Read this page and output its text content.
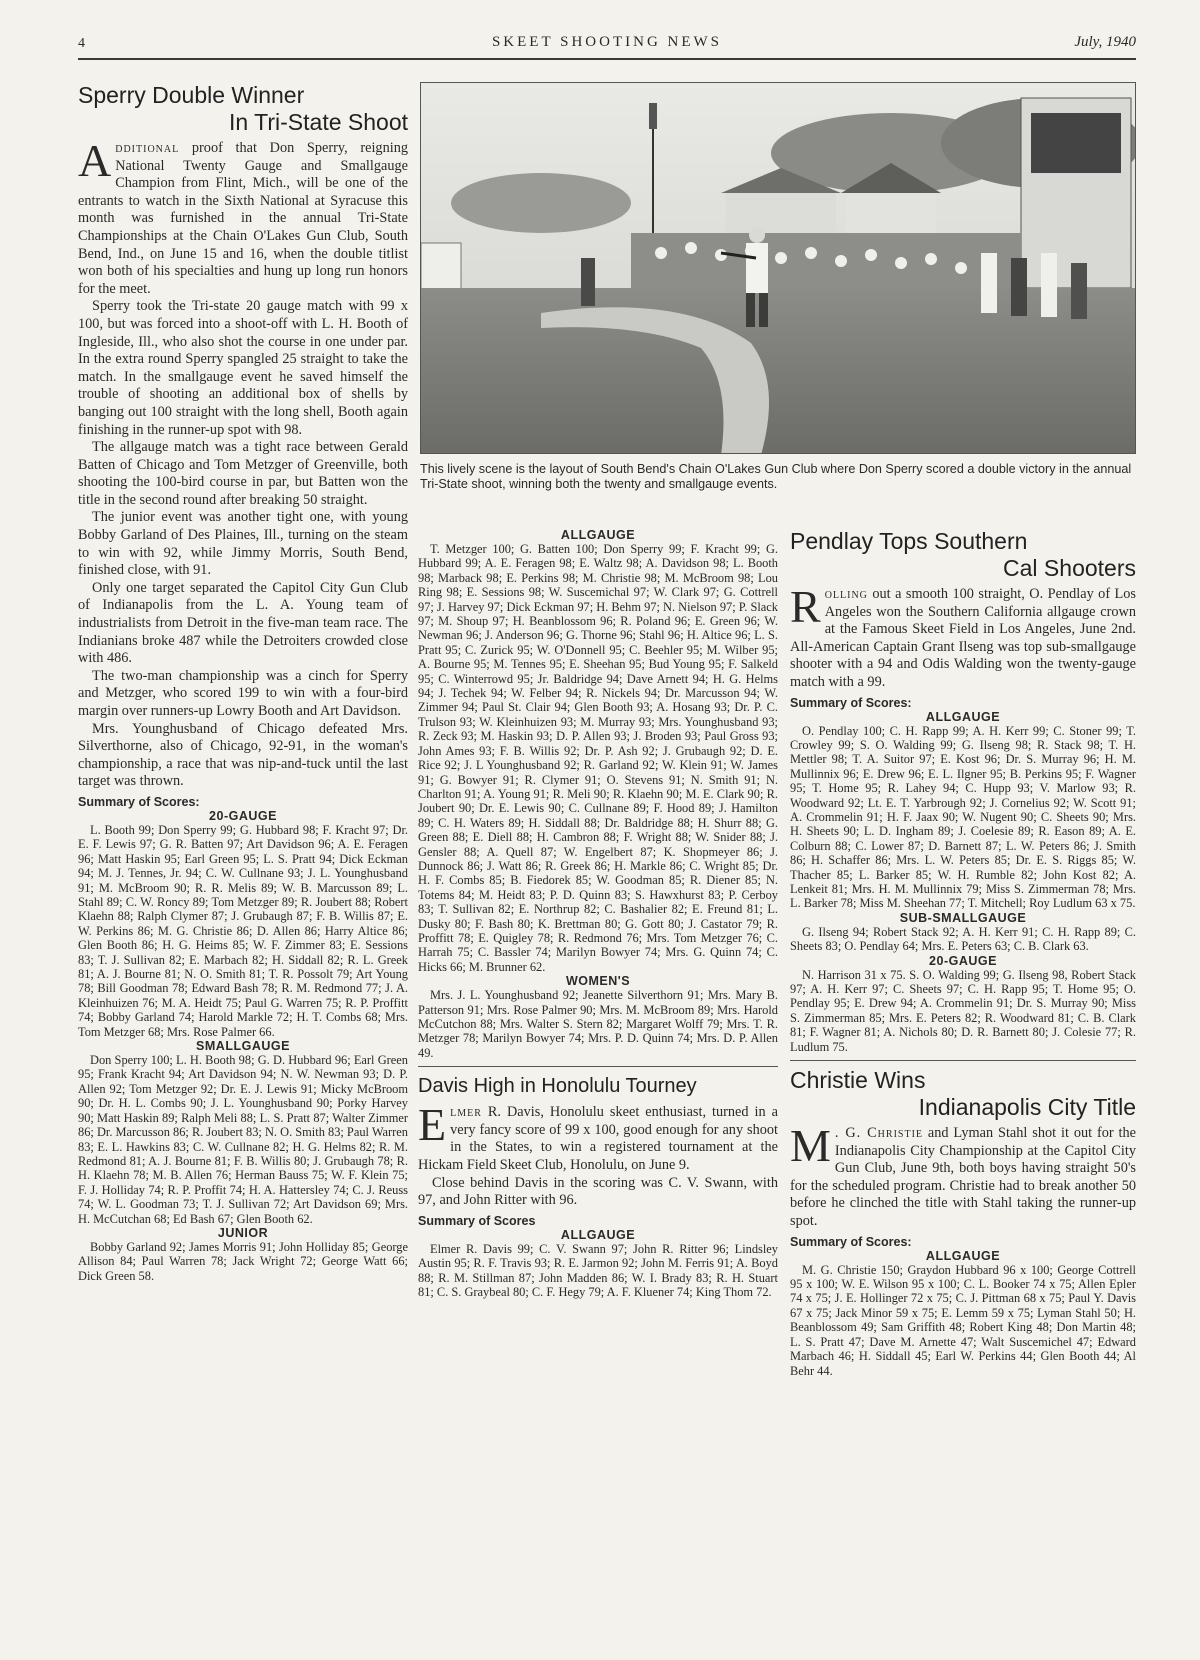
4	SKEET SHOOTING NEWS	July, 1940
Sperry Double Winner
In Tri-State Shoot

Additional proof that Don Sperry, reigning National Twenty Gauge and Smallgauge Champion from Flint, Mich., will be one of the entrants to watch in the Sixth National at Syracuse this month was furnished in the annual Tri-State Championships at the Chain O'Lakes Gun Club, South Bend, Ind., on June 15 and 16, when the double titlist won both of his specialties and hung up long run honors for the meet.

Sperry took the Tri-state 20 gauge match with 99 x 100, but was forced into a shoot-off with L. H. Booth of Ingleside, Ill., who also shot the course in one under par. In the extra round Sperry spangled 25 straight to take the match. In the smallgauge event he saved himself the trouble of shooting an additional box of shells by banging out 100 straight with the long shell, Booth again finishing in the runner-up spot with 98.

The allgauge match was a tight race between Gerald Batten of Chicago and Tom Metzger of Greenville, both shooting the 100-bird course in par, but Batten won the title in the second round after breaking 50 straight.

The junior event was another tight one, with young Bobby Garland of Des Plaines, Ill., turning on the steam to win with 92, while Jimmy Morris, South Bend, finished close, with 91.

Only one target separated the Capitol City Gun Club of Indianapolis from the L. A. Young team of industrialists from Detroit in the five-man team race. The Indianians broke 487 while the Detroiters crowded close with 486.

The two-man championship was a cinch for Sperry and Metzger, who scored 199 to win with a four-bird margin over runners-up Lowry Booth and Art Davidson.

Mrs. Younghusband of Chicago defeated Mrs. Silverthorne, also of Chicago, 92-91, in the woman's championship, a race that was nip-and-tuck until the last target was thrown.

Summary of Scores:
20-GAUGE
L. Booth 99; Don Sperry 99; G. Hubbard 98; F. Kracht 97; Dr. E. F. Lewis 97; G. R. Batten 97; Art Davidson 96; A. E. Feragen 96; Matt Haskin 95; Earl Green 95; L. S. Pratt 94; Dick Eckman 94; M. J. Tennes, Jr. 94; C. W. Cullnane 93; J. L. Younghusband 91; M. McBroom 90; R. R. Melis 89; W. B. Marcusson 89; L. Stahl 89; C. W. Roncy 89; Tom Metzger 89; R. Joubert 88; Robert Klaehn 88; Ralph Clymer 87; J. Grubaugh 87; F. B. Willis 87; E. W. Perkins 86; M. G. Christie 86; D. Allen 86; Harry Altice 86; Glen Booth 86; H. G. Heims 85; W. F. Zimmer 83; E. Sessions 83; T. J. Sullivan 82; E. Marbach 82; H. Siddall 82; R. L. Greek 81; A. J. Bourne 81; N. O. Smith 81; T. R. Possolt 79; Art Young 78; Bill Goodman 78; Edward Bash 78; R. M. Redmond 77; J. A. Kleinhuizen 76; M. A. Heidt 75; Paul G. Warren 75; R. P. Proffitt 74; Bobby Garland 74; Harold Markle 72; H. T. Combs 68; Mrs. Tom Metzger 68; Mrs. Rose Palmer 66.
SMALLGAUGE
Don Sperry 100; L. H. Booth 98; G. D. Hubbard 96; Earl Green 95; Frank Kracht 94; Art Davidson 94; N. W. Newman 93; D. P. Allen 92; Tom Metzger 92; Dr. E. J. Lewis 91; Micky McBroom 90; Dr. H. L. Combs 90; J. L. Younghusband 90; Porky Harvey 90; Matt Haskin 89; Ralph Meli 88; L. S. Pratt 87; Walter Zimmer 86; Dr. Marcusson 86; R. Joubert 83; N. O. Smith 83; Paul Warren 83; E. L. Hawkins 83; C. W. Cullnane 82; H. G. Helms 82; R. M. Redmond 81; A. J. Bourne 81; F. B. Willis 80; J. Grubaugh 78; R. H. Klaehn 78; M. B. Allen 76; Herman Bauss 75; W. F. Klein 75; F. J. Holliday 74; R. P. Proffit 74; H. A. Hattersley 74; C. J. Reuss 74; W. L. Goodman 73; T. J. Sullivan 72; Art Davidson 69; Mrs. H. McCutchan 68; Ed Bash 67; Glen Booth 62.
JUNIOR
Bobby Garland 92; James Morris 91; John Holliday 85; George Allison 84; Paul Warren 78; Jack Wright 72; George Watt 66; Dick Green 58.
This lively scene is the layout of South Bend's Chain O'Lakes Gun Club where Don Sperry scored a double victory in the annual Tri-State shoot, winning both the twenty and smallgauge events.
ALLGAUGE
T. Metzger 100; G. Batten 100; Don Sperry 99; F. Kracht 99; G. Hubbard 99; A. E. Feragen 98; E. Waltz 98; A. Davidson 98; L. Booth 98; Marback 98; E. Perkins 98; M. Christie 98; M. McBroom 98; Lou Ring 98; E. Sessions 98; W. Suscemichal 97; W. Clark 97; G. Cottrell 97; J. Harvey 97; Dick Eckman 97; H. Behm 97; N. Nielson 97; P. Slack 97; M. Shoup 97; H. Beanblossom 96; R. Poland 96; E. Green 96; W. Newman 96; J. Anderson 96; G. Thorne 96; Stahl 96; H. Altice 96; L. S. Pratt 95; C. Zurick 95; W. O'Donnell 95; C. Beehler 95; M. Wilber 95; A. Bourne 95; M. Tennes 95; E. Sheehan 95; Bud Young 95; F. Salkeld 95; C. Winterrowd 95; Jr. Baldridge 94; Dave Arnett 94; H. G. Helms 94; J. Techek 94; W. Felber 94; R. Nickels 94; Dr. Marcusson 94; W. Zimmer 94; Paul St. Clair 94; Glen Booth 93; A. Hosang 93; Dr. P. C. Trulson 93; W. Kleinhuizen 93; M. Murray 93; Mrs. Younghusband 93; R. Zeck 93; M. Haskin 93; D. P. Allen 93; J. Broden 93; Paul Gross 93; John Ames 93; F. B. Willis 92; Dr. P. Ash 92; J. Grubaugh 92; D. E. Rice 92; J. L Younghusband 92; R. Garland 92; W. Klein 91; W. James 91; G. Bowyer 91; R. Clymer 91; O. Stevens 91; N. Smith 91; N. Charlton 91; A. Young 91; R. Meli 90; R. Klaehn 90; M. E. Clark 90; R. Joubert 90; Dr. E. Lewis 90; C. Cullnane 89; F. Hood 89; J. Hamilton 89; C. H. Waters 89; H. Siddall 88; Dr. Baldridge 88; H. Shurr 88; G. Green 88; E. Diell 88; H. Cambron 88; F. Wright 88; W. Snider 88; J. Gensler 88; A. Quell 87; W. Engelbert 87; K. Shopmeyer 86; J. Dunnock 86; J. Watt 86; R. Greek 86; H. Markle 86; C. Wright 85; Dr. H. F. Combs 85; B. Fiedorek 85; W. Goodman 85; R. Diener 85; N. Totems 84; M. Heidt 83; P. D. Quinn 83; S. Hawxhurst 83; P. Cerboy 83; T. Sullivan 82; E. Northrup 82; C. Bashalier 82; E. Freund 81; L. Dusky 80; F. Bash 80; K. Brettman 80; G. Gott 80; J. Castator 79; R. Proffitt 78; E. Quigley 78; R. Redmond 76; Mrs. Tom Metzger 76; C. Harrah 75; C. Bassler 74; Marilyn Bowyer 74; Mrs. G. Quinn 74; C. Hicks 66; M. Brunner 62.
WOMEN'S
Mrs. J. L. Younghusband 92; Jeanette Silverthorn 91; Mrs. Mary B. Patterson 91; Mrs. Rose Palmer 90; Mrs. M. McBroom 89; Mrs. Harold McCutchon 88; Mrs. Walter S. Stern 82; Margaret Wolff 79; Mrs. T. R. Metzger 78; Marilyn Bowyer 74; Mrs. P. D. Quinn 74; Mrs. D. P. Allen 49.
Davis High in Honolulu Tourney

Elmer R. Davis, Honolulu skeet enthusiast, turned in a very fancy score of 99 x 100, good enough for any shoot in the States, to win a registered tournament at the Hickam Field Skeet Club, Honolulu, on June 9.

Close behind Davis in the scoring was C. V. Swann, with 97, and John Ritter with 96.

Summary of Scores
ALLGAUGE
Elmer R. Davis 99; C. V. Swann 97; John R. Ritter 96; Lindsley Austin 95; R. F. Travis 93; R. E. Jarmon 92; John M. Ferris 91; A. Boyd 88; R. M. Stillman 87; John Madden 86; W. I. Brady 83; R. H. Stuart 81; C. S. Graybeal 80; C. F. Hegy 79; A. F. Kluener 74; King Thom 72.
Pendlay Tops Southern
Cal Shooters

Rolling out a smooth 100 straight, O. Pendlay of Los Angeles won the Southern California allgauge crown at the Famous Skeet Field in Los Angeles, June 2nd. All-American Captain Grant Ilseng was top sub-smallgauge shooter with a 94 and Odis Walding won the twenty-gauge match with a 99.

Summary of Scores:
ALLGAUGE
O. Pendlay 100; C. H. Rapp 99; A. H. Kerr 99; C. Stoner 99; T. Crowley 99; S. O. Walding 99; G. Ilseng 98; R. Stack 98; T. H. Mettler 98; T. A. Suitor 97; E. Kost 96; Dr. S. Murray 96; H. M. Mullinnix 96; E. Drew 96; E. L. Ilgner 95; B. Perkins 95; F. Wagner 95; T. Home 95; R. Lahey 94; C. Hupp 93; V. Marlow 93; R. Woodward 92; Lt. E. T. Yarbrough 92; J. Cornelius 92; W. Scott 91; A. Crommelin 91; H. F. Jaax 90; W. Nugent 90; C. Sheets 90; Mrs. H. Sheets 90; L. D. Ingham 89; J. Coelesie 89; R. Eason 89; A. E. Colburn 88; C. Lower 87; D. Barnett 87; L. W. Peters 86; J. Smith 86; H. Schaffer 86; Mrs. L. W. Peters 85; Dr. E. S. Riggs 85; W. Thacher 85; L. Barker 85; W. H. Rumble 82; John Kost 82; A. Lenkeit 81; Mrs. H. M. Mullinnix 79; Miss S. Zimmerman 78; Mrs. L. Barker 78; Miss M. Sheehan 77; T. Mitchell; Roy Ludlum 63 x 75.
SUB-SMALLGAUGE
G. Ilseng 94; Robert Stack 92; A. H. Kerr 91; C. H. Rapp 89; C. Sheets 83; O. Pendlay 64; Mrs. E. Peters 63; C. B. Clark 63.
20-GAUGE
N. Harrison 31 x 75. S. O. Walding 99; G. Ilseng 98, Robert Stack 97; A. H. Kerr 97; C. Sheets 97; C. H. Rapp 95; T. Home 95; O. Pendlay 95; E. Drew 94; A. Crommelin 91; Dr. S. Murray 90; Miss S. Zimmerman 85; Mrs. E. Peters 82; R. Woodward 81; C. B. Clark 81; F. Wagner 81; A. Nichols 80; D. R. Barnett 80; J. Colesie 77; R. Ludlum 75.
Christie Wins
Indianapolis City Title

M . G. Christie and Lyman Stahl shot it out for the Indianapolis City Championship at the Capitol City Gun Club, June 9th, both boys having straight 50's for the scheduled program. Christie had to break another 50 before he clinched the title with Stahl taking the runner-up spot.

Summary of Scores:
ALLGAUGE
M. G. Christie 150; Graydon Hubbard 96 x 100; George Cottrell 95 x 100; W. E. Wilson 95 x 100; C. L. Booker 74 x 75; Allen Epler 74 x 75; J. E. Hollinger 72 x 75; C. J. Pittman 68 x 75; Paul Y. Davis 67 x 75; Jack Minor 59 x 75; E. Lemm 59 x 75; Lyman Stahl 50; H. Beanblossom 49; Sam Griffith 48; Robert King 48; Don Martin 48; L. S. Pratt 47; Dave M. Arnette 47; Walt Suscemichel 47; Edward Marbach 46; H. Siddall 45; Earl W. Perkins 44; Glen Booth 44; Al Behr 44.
